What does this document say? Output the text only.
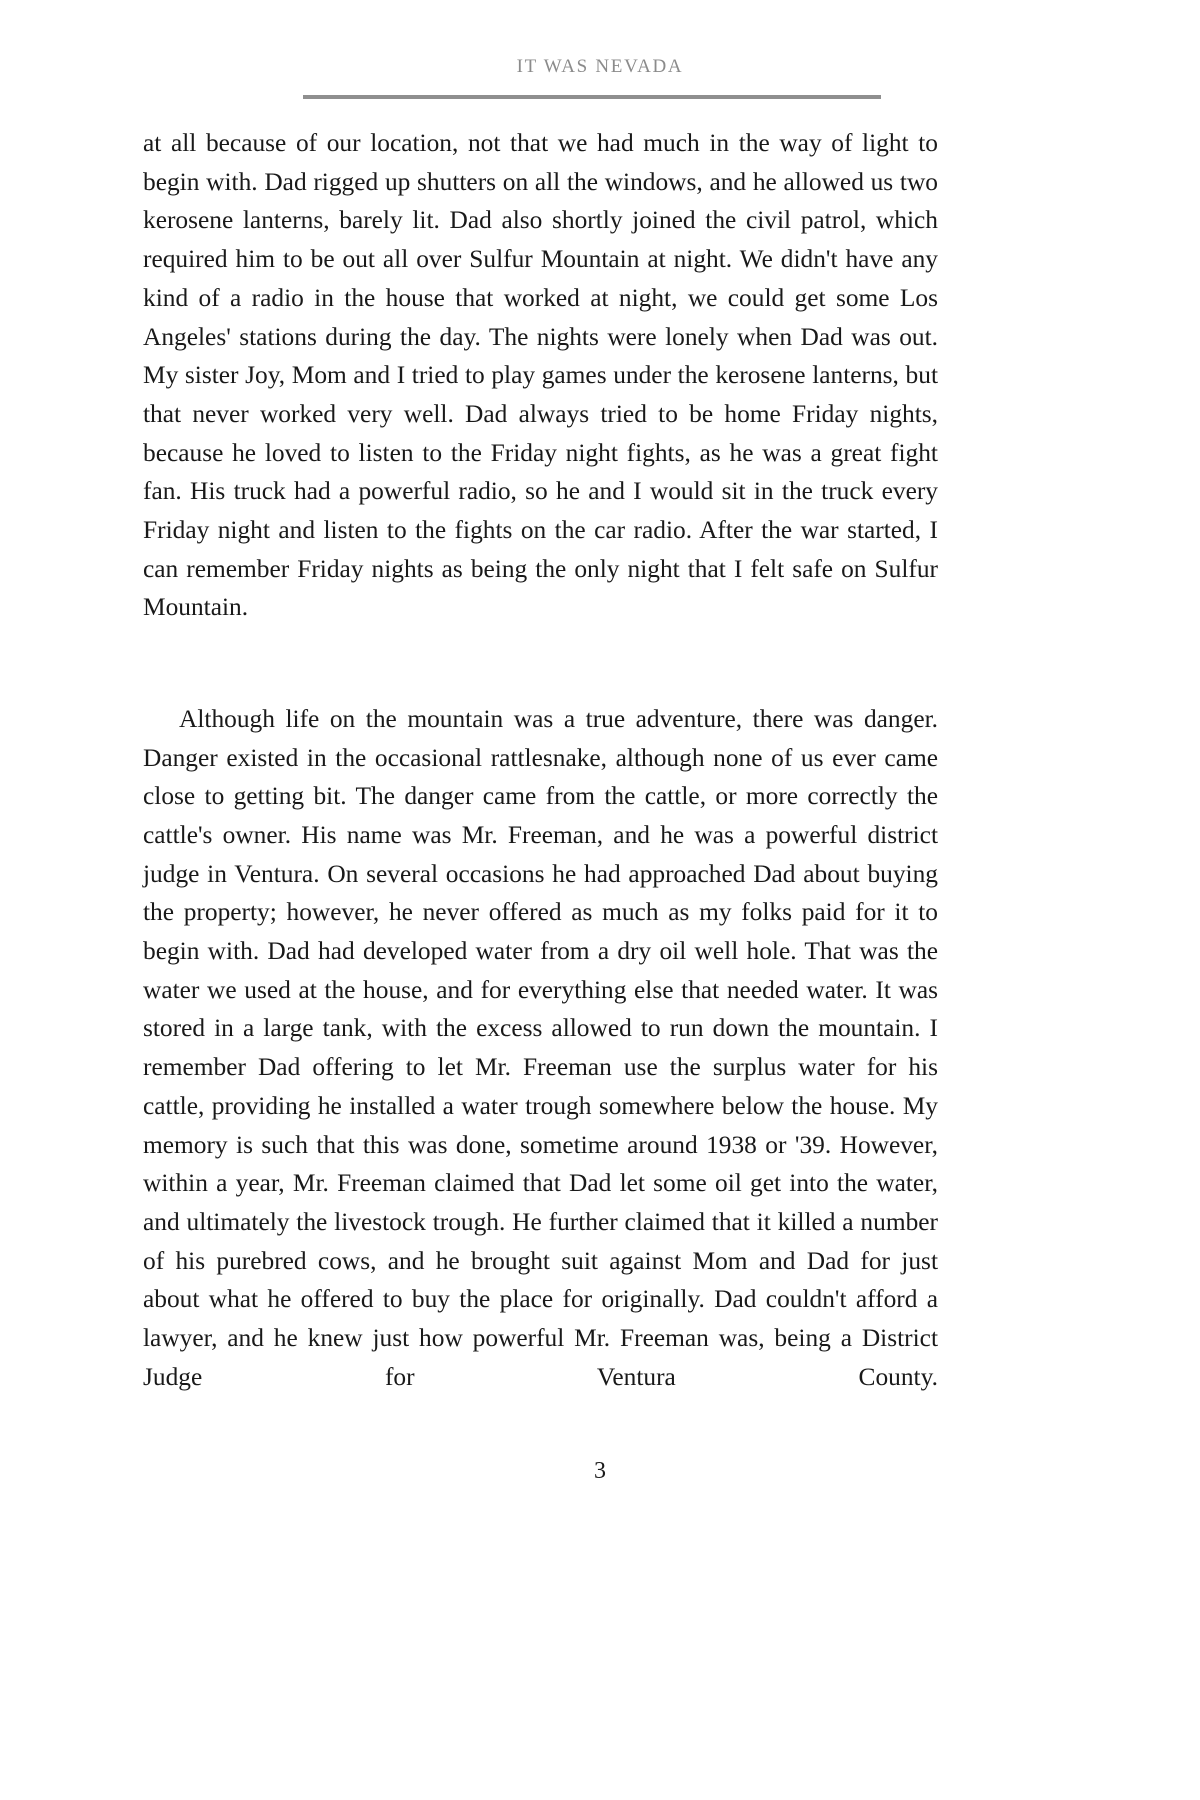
IT WAS NEVADA

at all because of our location, not that we had much in the way of light to begin with. Dad rigged up shutters on all the windows, and he allowed us two kerosene lanterns, barely lit. Dad also shortly joined the civil patrol, which required him to be out all over Sulfur Mountain at night. We didn't have any kind of a radio in the house that worked at night, we could get some Los Angeles' stations during the day. The nights were lonely when Dad was out. My sister Joy, Mom and I tried to play games under the kerosene lanterns, but that never worked very well. Dad always tried to be home Friday nights, because he loved to listen to the Friday night fights, as he was a great fight fan. His truck had a powerful radio, so he and I would sit in the truck every Friday night and listen to the fights on the car radio. After the war started, I can remember Friday nights as being the only night that I felt safe on Sulfur Mountain.

Although life on the mountain was a true adventure, there was danger. Danger existed in the occasional rattlesnake, although none of us ever came close to getting bit. The danger came from the cattle, or more correctly the cattle's owner. His name was Mr. Freeman, and he was a powerful district judge in Ventura. On several occasions he had approached Dad about buying the property; however, he never offered as much as my folks paid for it to begin with. Dad had developed water from a dry oil well hole. That was the water we used at the house, and for everything else that needed water. It was stored in a large tank, with the excess allowed to run down the mountain. I remember Dad offering to let Mr. Freeman use the surplus water for his cattle, providing he installed a water trough somewhere below the house. My memory is such that this was done, sometime around 1938 or '39. However, within a year, Mr. Freeman claimed that Dad let some oil get into the water, and ultimately the livestock trough. He further claimed that it killed a number of his purebred cows, and he brought suit against Mom and Dad for just about what he offered to buy the place for originally. Dad couldn't afford a lawyer, and he knew just how powerful Mr. Freeman was, being a District Judge for Ventura County.

3
